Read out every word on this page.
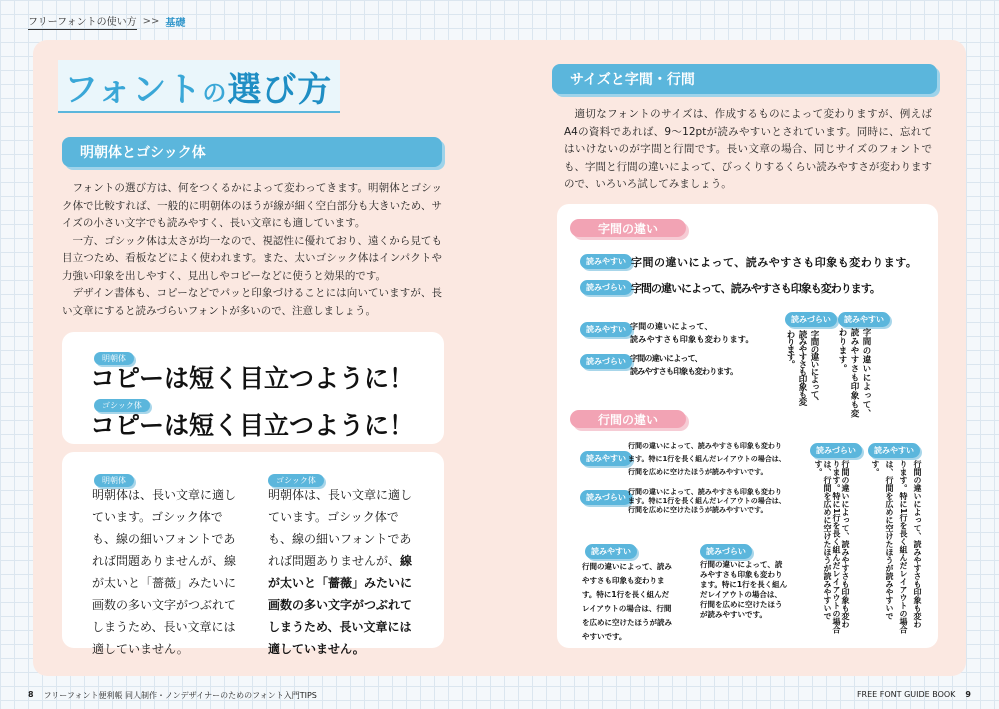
フリーフォントの使い方 >> 基礎
フォントの選び方
明朝体とゴシック体

フォントの選び方は、何をつくるかによって変わってきます。明朝体とゴシック体で比較すれば、一般的に明朝体のほうが線が細く空白部分も大きいため、サイズの小さい文字でも読みやすく、長い文章にも適しています。

一方、ゴシック体は太さが均一なので、視認性に優れており、遠くから見ても目立つため、看板などによく使われます。また、太いゴシック体はインパクトや力強い印象を出しやすく、見出しやコピーなどに使うと効果的です。

デザイン書体も、コピーなどでパッと印象づけることには向いていますが、長い文章にすると読みづらいフォントが多いので、注意しましょう。

明朝体
コピーは短く目立つように！
ゴシック体
コピーは短く目立つように！
明朝体
明朝体は、長い文章に適しています。ゴシック体でも、線の細いフォントであれば問題ありませんが、線が太いと「薔薇」みたいに画数の多い文字がつぶれてしまうため、長い文章には適していません。
ゴシック体
明朝体は、長い文章に適しています。ゴシック体でも、線の細いフォントであれば問題ありませんが、線が太いと「薔薇」みたいに画数の多い文字がつぶれてしまうため、長い文章には適していません。
サイズと字間・行間

適切なフォントのサイズは、作成するものによって変わりますが、例えばA4の資料であれば、9～12ptが読みやすいとされています。同時に、忘れてはいけないのが字間と行間です。長い文章の場合、同じサイズのフォントでも、字間と行間の違いによって、びっくりするくらい読みやすさが変わりますので、いろいろ試してみましょう。

字間の違い
読みやすい 字間の違いによって、読みやすさも印象も変わります。
読みづらい 字間の違いによって、読みやすさも印象も変わります。
読みやすい 字間の違いによって、
読みやすさも印象も変わります。
読みづらい 字間の違いによって、
読みやすさも印象も変わります。
読みづらい
字間の違いによって、読みやすさも印象も変わります。
読みやすい
字間の違いによって、読みやすさも印象も変わります。
行間の違い
読みやすい
行間の違いによって、読みやすさも印象も変わります。特に1行を長く組んだレイアウトの場合は、行間を広めに空けたほうが読みやすいです。
読みづらい
行間の違いによって、読みやすさも印象も変わります。特に1行を長く組んだレイアウトの場合は、行間を広めに空けたほうが読みやすいです。
読みやすい
行間の違いによって、読みやすさも印象も変わります。特に1行を長く組んだレイアウトの場合は、行間を広めに空けたほうが読みやすいです。
読みづらい
行間の違いによって、読みやすさも印象も変わります。特に1行を長く組んだレイアウトの場合は、行間を広めに空けたほうが読みやすいです。
読みづらい
行間の違いによって、読みやすさも印象も変わります。特に1行を長く組んだレイアウトの場合は、行間を広めに空けたほうが読みやすいです。
読みやすい
行間の違いによって、読みやすさも印象も変わります。特に1行を長く組んだレイアウトの場合は、行間を広めに空けたほうが読みやすいです。
8 フリーフォント便利帳 同人制作・ノンデザイナーのためのフォント入門TIPS	FREE FONT GUIDE BOOK 9
